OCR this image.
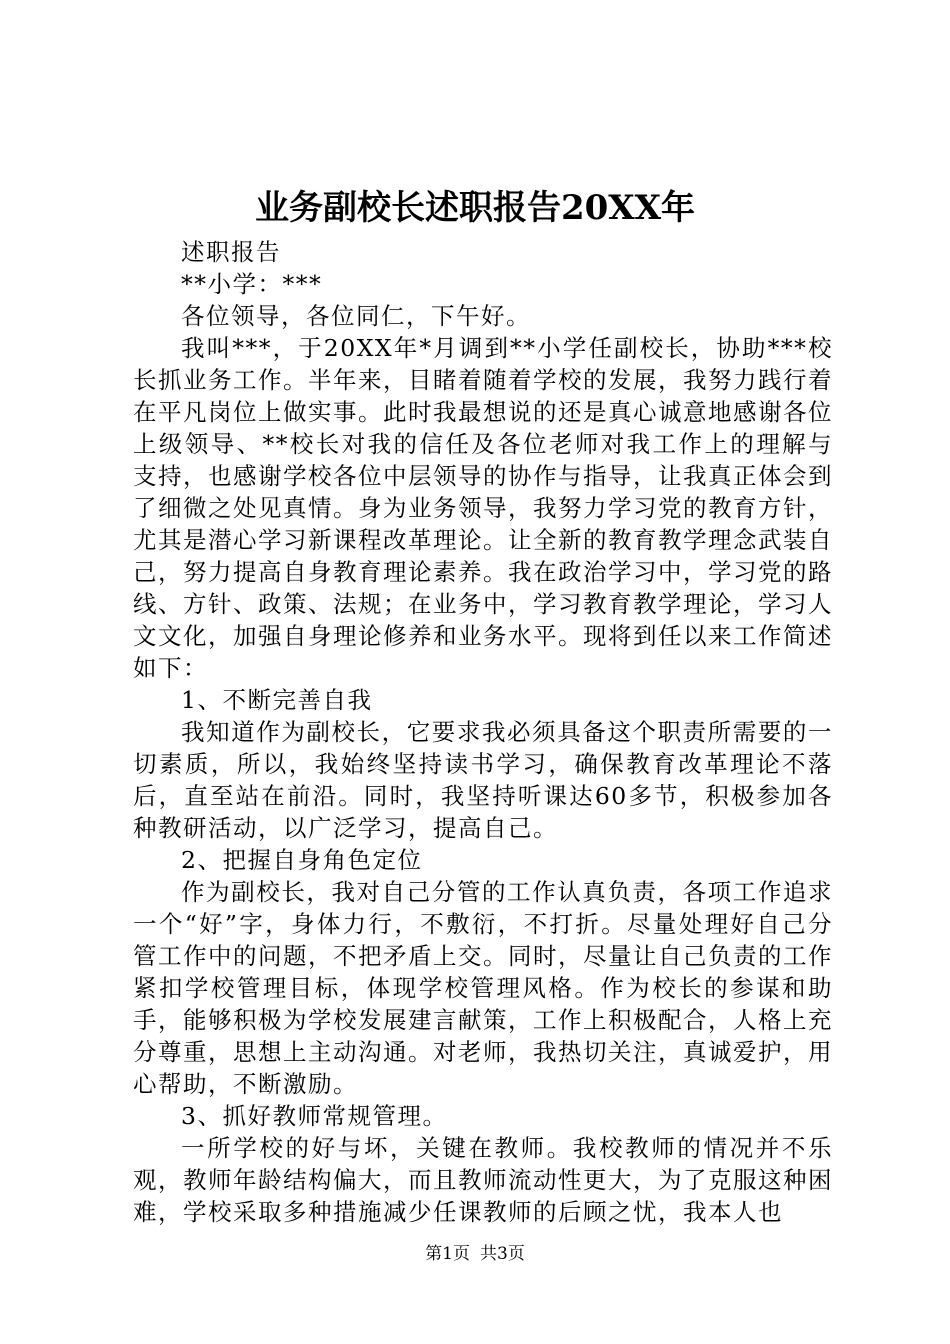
业务副校长述职报告20XX年

述职报告

**小学：***

各位领导，各位同仁，下午好。

我叫***，于20XX年*月调到**小学任副校长，协助***校长抓业务工作。半年来，目睹着随着学校的发展，我努力践行着在平凡岗位上做实事。此时我最想说的还是真心诚意地感谢各位上级领导、**校长对我的信任及各位老师对我工作上的理解与支持，也感谢学校各位中层领导的协作与指导，让我真正体会到了细微之处见真情。身为业务领导，我努力学习党的教育方针，尤其是潜心学习新课程改革理论。让全新的教育教学理念武装自己，努力提高自身教育理论素养。我在政治学习中，学习党的路线、方针、政策、法规；在业务中，学习教育教学理论，学习人文文化，加强自身理论修养和业务水平。现将到任以来工作简述如下：

1、不断完善自我

我知道作为副校长，它要求我必须具备这个职责所需要的一切素质，所以，我始终坚持读书学习，确保教育改革理论不落后，直至站在前沿。同时，我坚持听课达60多节，积极参加各种教研活动，以广泛学习，提高自己。

2、把握自身角色定位

作为副校长，我对自己分管的工作认真负责，各项工作追求一个“好”字，身体力行，不敷衍，不打折。尽量处理好自己分管工作中的问题，不把矛盾上交。同时，尽量让自己负责的工作紧扣学校管理目标，体现学校管理风格。作为校长的参谋和助手，能够积极为学校发展建言献策，工作上积极配合，人格上充分尊重，思想上主动沟通。对老师，我热切关注，真诚爱护，用心帮助，不断激励。

3、抓好教师常规管理。

一所学校的好与坏，关键在教师。我校教师的情况并不乐观，教师年龄结构偏大，而且教师流动性更大，为了克服这种困难，学校采取多种措施减少任课教师的后顾之忧，我本人也

第1页 共3页
